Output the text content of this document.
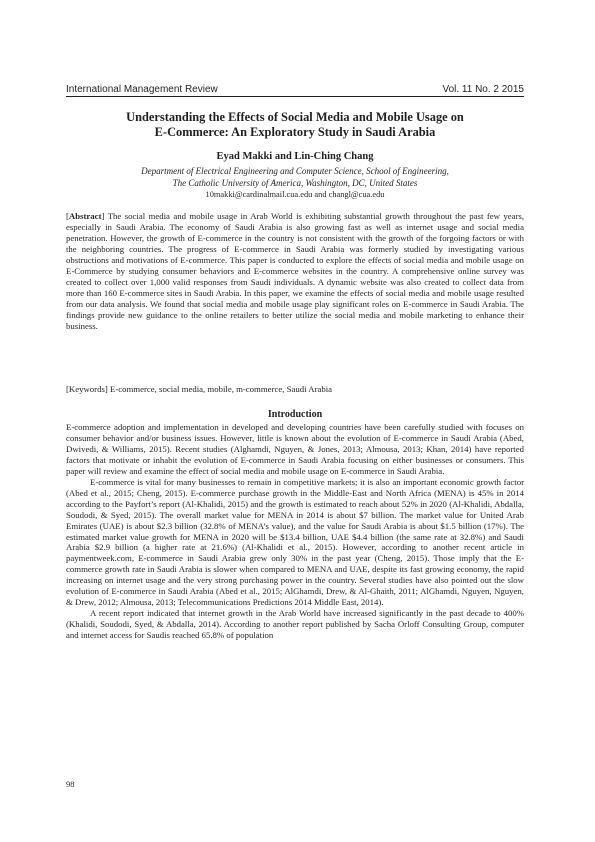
International Management Review	Vol. 11 No. 2 2015
Understanding the Effects of Social Media and Mobile Usage on
E-Commerce: An Exploratory Study in Saudi Arabia
Eyad Makki and Lin-Ching Chang
Department of Electrical Engineering and Computer Science, School of Engineering,
The Catholic University of America, Washington, DC, United States
10makki@cardinalmail.cua.edu and changl@cua.edu

[Abstract] The social media and mobile usage in Arab World is exhibiting substantial growth throughout the past few years, especially in Saudi Arabia. The economy of Saudi Arabia is also growing fast as well as internet usage and social media penetration. However, the growth of E-commerce in the country is not consistent with the growth of the forgoing factors or with the neighboring countries. The progress of E-commerce in Saudi Arabia was formerly studied by investigating various obstructions and motivations of E-commerce. This paper is conducted to explore the effects of social media and mobile usage on E-Commerce by studying consumer behaviors and E-commerce websites in the country. A comprehensive online survey was created to collect over 1,000 valid responses from Saudi individuals. A dynamic website was also created to collect data from more than 160 E-commerce sites in Saudi Arabia. In this paper, we examine the effects of social media and mobile usage resulted from our data analysis. We found that social media and mobile usage play significant roles on E-commerce in Saudi Arabia. The findings provide new guidance to the online retailers to better utilize the social media and mobile marketing to enhance their business.

[Keywords] E-commerce, social media, mobile, m-commerce, Saudi Arabia

Introduction

E-commerce adoption and implementation in developed and developing countries have been carefully studied with focuses on consumer behavior and/or business issues. However, little is known about the evolution of E-commerce in Saudi Arabia (Abed, Dwivedi, & Williams, 2015). Recent studies (Alghamdi, Nguyen, & Jones, 2013; Almousa, 2013; Khan, 2014) have reported factors that motivate or inhabit the evolution of E-commerce in Saudi Arabia focusing on either businesses or consumers. This paper will review and examine the effect of social media and mobile usage on E-commerce in Saudi Arabia.

E-commerce is vital for many businesses to remain in competitive markets; it is also an important economic growth factor (Abed et al., 2015; Cheng, 2015). E-commerce purchase growth in the Middle-East and North Africa (MENA) is 45% in 2014 according to the Payfort’s report (Al-Khalidi, 2015) and the growth is estimated to reach about 52% in 2020 (Al-Khalidi, Abdalla, Soudodi, & Syed, 2015). The overall market value for MENA in 2014 is about $7 billion. The market value for United Arab Emirates (UAE) is about $2.3 billion (32.8% of MENA’s value), and the value for Saudi Arabia is about $1.5 billion (17%). The estimated market value growth for MENA in 2020 will be $13.4 billion, UAE $4.4 billion (the same rate at 32.8%) and Saudi Arabia $2.9 billion (a higher rate at 21.6%) (Al-Khalidi et al., 2015). However, according to another recent article in paymentweek.com, E-commerce in Saudi Arabia grew only 30% in the past year (Cheng, 2015). Those imply that the E-commerce growth rate in Saudi Arabia is slower when compared to MENA and UAE, despite its fast growing economy, the rapid increasing on internet usage and the very strong purchasing power in the country. Several studies have also pointed out the slow evolution of E-commerce in Saudi Arabia (Abed et al., 2015; AlGhamdi, Drew, & Al-Ghaith, 2011; AlGhamdi, Nguyen, Nguyen, & Drew, 2012; Almousa, 2013; Telecommunications Predictions 2014 Middle East, 2014).

A recent report indicated that internet growth in the Arab World have increased significantly in the past decade to 400% (Khalidi, Soudodi, Syed, & Abdalla, 2014). According to another report published by Sacha Orloff Consulting Group, computer and internet access for Saudis reached 65.8% of population

98
